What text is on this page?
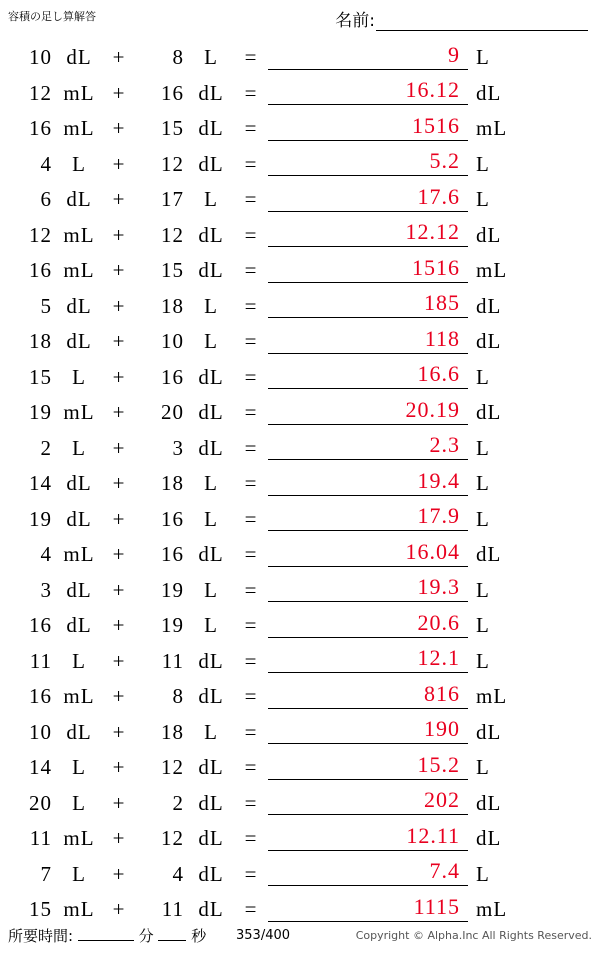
容積の足し算解答	名前:
10 dL +	8 L	=	9 L
12 mL +	16 dL =	16.12 dL
16 mL +	15 dL =	1516 mL
4 L	+	12 dL =	5.2 L
6 dL +	17 L	=	17.6 L
12 mL +	12 dL =	12.12 dL
16 mL +	15 dL =	1516 mL
5 dL +	18 L	=	185 dL
18 dL +	10 L	=	118 dL
15 L	+	16 dL =	16.6 L
19 mL +	20 dL =	20.19 dL
2 L	+	3 dL =	2.3 L
14 dL +	18 L	=	19.4 L
19 dL +	16 L	=	17.9 L
4 mL +	16 dL =	16.04 dL
3 dL +	19 L	=	19.3 L
16 dL +	19 L	=	20.6 L
11 L	+	11 dL =	12.1 L
16 mL +	8 dL =	816 mL
10 dL +	18 L	=	190 dL
14 L	+	12 dL =	15.2 L
20 L	+	2 dL =	202 dL
11 mL +	12 dL =	12.11 dL
7 L	+	4 dL =	7.4 L
15 mL +	11 dL =	1115 mL
所要時間:	分	秒 353/400	Copyright © Alpha.Inc All Rights Reserved.
